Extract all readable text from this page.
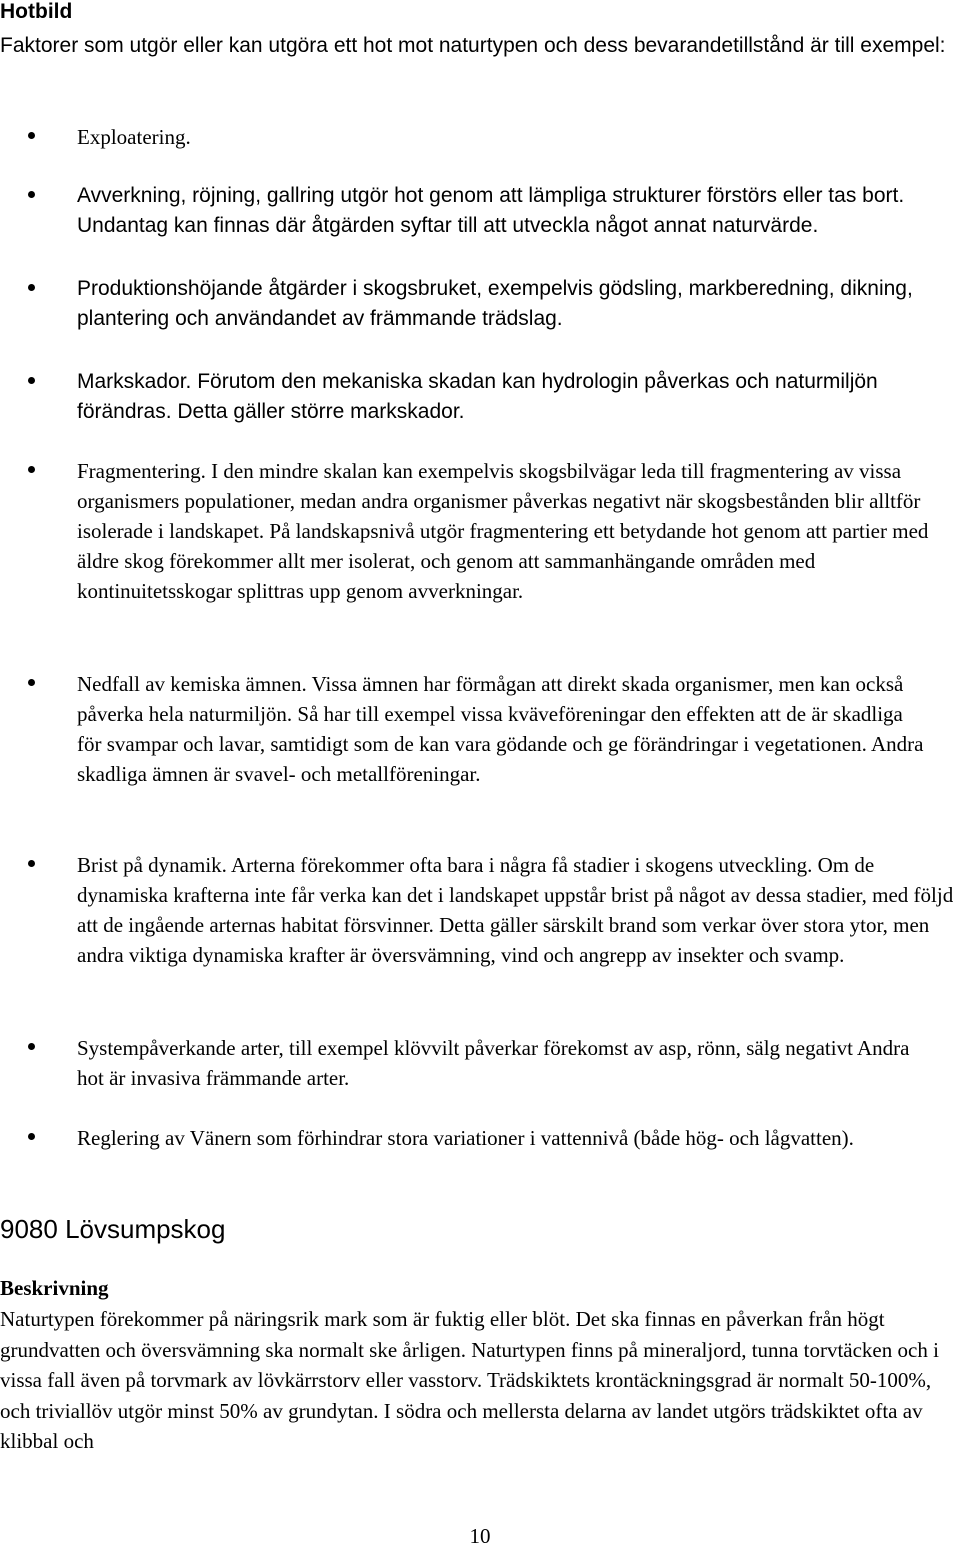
Hotbild

Faktorer som utgör eller kan utgöra ett hot mot naturtypen och dess bevarandetillstånd är till exempel:

Exploatering.

Avverkning, röjning, gallring utgör hot genom att lämpliga strukturer förstörs eller tas bort. Undantag kan finnas där åtgärden syftar till att utveckla något annat naturvärde.

Produktionshöjande åtgärder i skogsbruket, exempelvis gödsling, markberedning, dikning, plantering och användandet av främmande trädslag.

Markskador. Förutom den mekaniska skadan kan hydrologin påverkas och naturmiljön förändras. Detta gäller större markskador.

Fragmentering. I den mindre skalan kan exempelvis skogsbilvägar leda till fragmentering av vissa organismers populationer, medan andra organismer påverkas negativt när skogsbestånden blir alltför isolerade i landskapet. På landskapsnivå utgör fragmentering ett betydande hot genom att partier med äldre skog förekommer allt mer isolerat, och genom att sammanhängande områden med kontinuitetsskogar splittras upp genom avverkningar.

Nedfall av kemiska ämnen. Vissa ämnen har förmågan att direkt skada organismer, men kan också påverka hela naturmiljön. Så har till exempel vissa kväveföreningar den effekten att de är skadliga för svampar och lavar, samtidigt som de kan vara gödande och ge förändringar i vegetationen. Andra skadliga ämnen är svavel- och metallföreningar.

Brist på dynamik. Arterna förekommer ofta bara i några få stadier i skogens utveckling. Om de dynamiska krafterna inte får verka kan det i landskapet uppstår brist på något av dessa stadier, med följd att de ingående arternas habitat försvinner. Detta gäller särskilt brand som verkar över stora ytor, men andra viktiga dynamiska krafter är översvämning, vind och angrepp av insekter och svamp.

Systempåverkande arter, till exempel klövvilt påverkar förekomst av asp, rönn, sälg negativt Andra hot är invasiva främmande arter.

Reglering av Vänern som förhindrar stora variationer i vattennivå (både hög- och lågvatten).

9080 Lövsumpskog
Beskrivning

Naturtypen förekommer på näringsrik mark som är fuktig eller blöt. Det ska finnas en påverkan från högt grundvatten och översvämning ska normalt ske årligen. Naturtypen finns på mineraljord, tunna torvtäcken och i vissa fall även på torvmark av lövkärrstorv eller vasstorv. Trädskiktets krontäckningsgrad är normalt 50-100%, och triviallöv utgör minst 50% av grundytan. I södra och mellersta delarna av landet utgörs trädskiktet ofta av klibbal och

10
